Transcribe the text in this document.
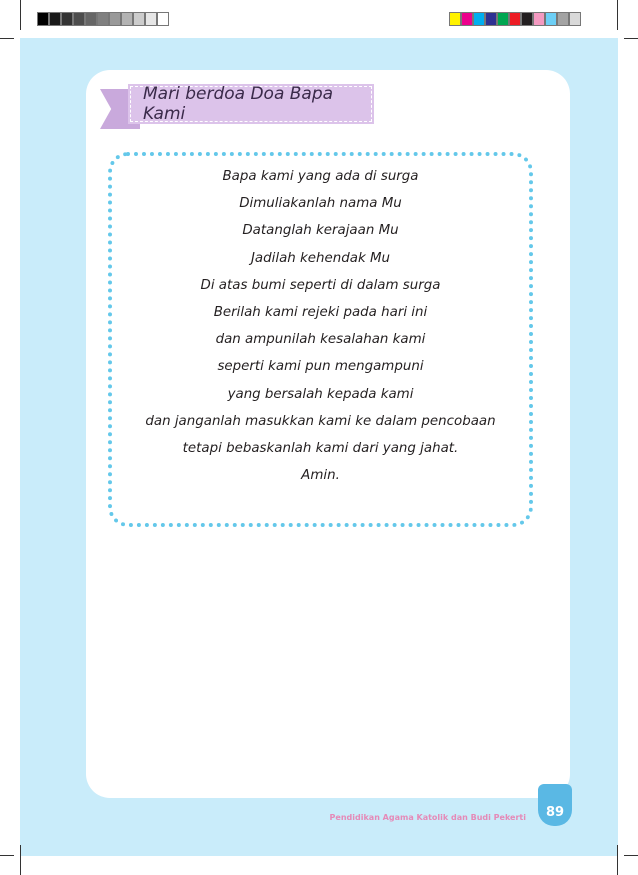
Mari berdoa Doa Bapa Kami
Bapa kami yang ada di surga
Dimuliakanlah nama Mu
Datanglah kerajaan Mu
Jadilah kehendak Mu
Di atas bumi seperti di dalam surga
Berilah kami rejeki pada hari ini
dan ampunilah kesalahan kami
seperti kami pun mengampuni
yang bersalah kepada kami
dan janganlah masukkan kami ke dalam pencobaan
tetapi bebaskanlah kami dari yang jahat.
Amin.
Pendidikan Agama Katolik dan Budi Pekerti 89
